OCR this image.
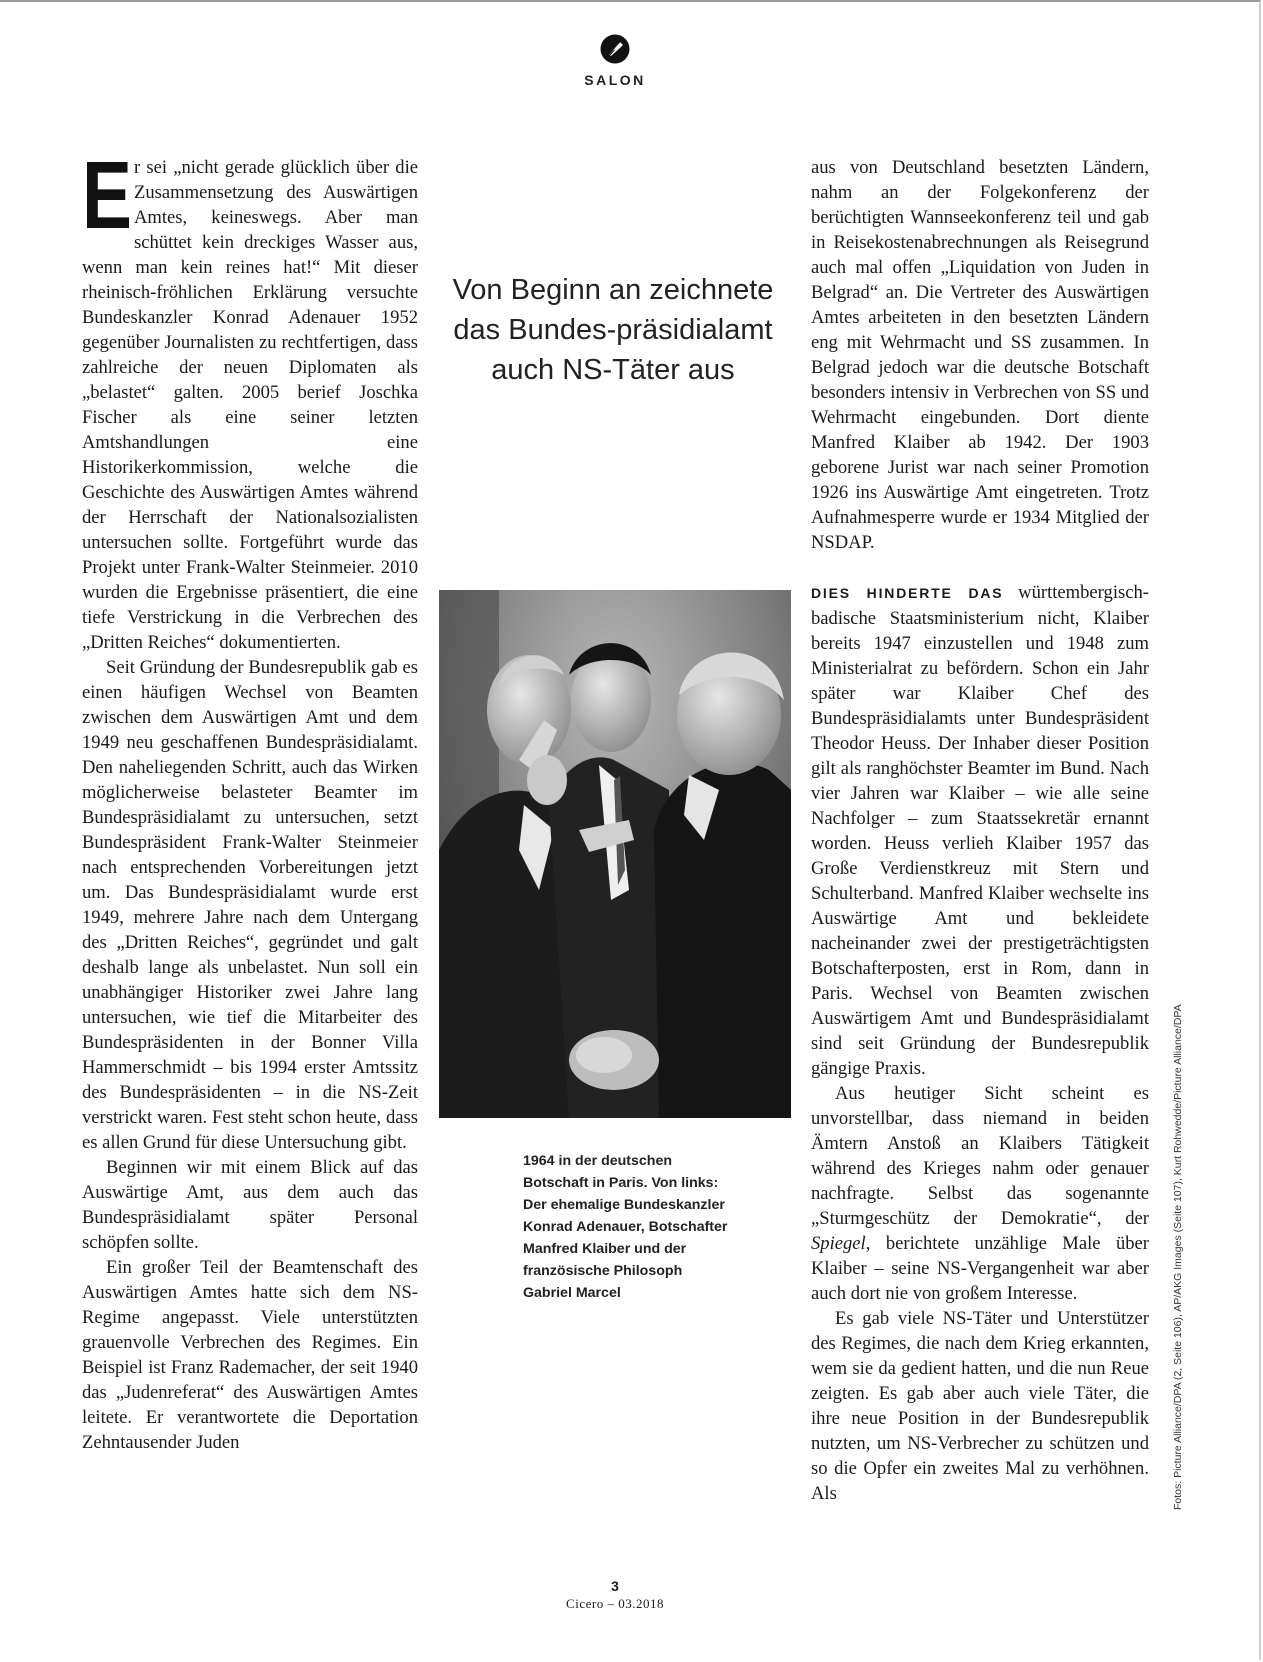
SALON

Er sei „nicht gerade glücklich über die Zusammensetzung des Auswärtigen Amtes, keineswegs. Aber man schüttet kein dreckiges Wasser aus, wenn man kein reines hat!“ Mit dieser rheinisch-fröhlichen Erklärung versuchte Bundeskanzler Konrad Adenauer 1952 gegenüber Journalisten zu rechtfertigen, dass zahlreiche der neuen Diplomaten als „belastet“ galten. 2005 berief Joschka Fischer als eine seiner letzten Amtshandlungen eine Historikerkommission, welche die Geschichte des Auswärtigen Amtes während der Herrschaft der Nationalsozialisten untersuchen sollte. Fortgeführt wurde das Projekt unter Frank-Walter Steinmeier. 2010 wurden die Ergebnisse präsentiert, die eine tiefe Verstrickung in die Verbrechen des „Dritten Reiches“ dokumentierten.

Seit Gründung der Bundesrepublik gab es einen häufigen Wechsel von Beamten zwischen dem Auswärtigen Amt und dem 1949 neu geschaffenen Bundespräsidialamt. Den naheliegenden Schritt, auch das Wirken möglicherweise belasteter Beamter im Bundespräsidialamt zu untersuchen, setzt Bundespräsident Frank-Walter Steinmeier nach entsprechenden Vorbereitungen jetzt um. Das Bundespräsidialamt wurde erst 1949, mehrere Jahre nach dem Untergang des „Dritten Reiches“, gegründet und galt deshalb lange als unbelastet. Nun soll ein unabhängiger Historiker zwei Jahre lang untersuchen, wie tief die Mitarbeiter des Bundespräsidenten in der Bonner Villa Hammerschmidt – bis 1994 erster Amtssitz des Bundespräsidenten – in die NS-Zeit verstrickt waren. Fest steht schon heute, dass es allen Grund für diese Untersuchung gibt.

Beginnen wir mit einem Blick auf das Auswärtige Amt, aus dem auch das Bundespräsidialamt später Personal schöpfen sollte.

Ein großer Teil der Beamtenschaft des Auswärtigen Amtes hatte sich dem NS-Regime angepasst. Viele unterstützten grauenvolle Verbrechen des Regimes. Ein Beispiel ist Franz Rademacher, der seit 1940 das „Judenreferat“ des Auswärtigen Amtes leitete. Er verantwortete die Deportation Zehntausender Juden

Von Beginn an zeichnete das Bundes-präsidialamt auch NS-Täter aus
1964 in der deutschen Botschaft in Paris. Von links: Der ehemalige Bundeskanzler Konrad Adenauer, Botschafter Manfred Klaiber und der französische Philosoph Gabriel Marcel

aus von Deutschland besetzten Ländern, nahm an der Folgekonferenz der berüchtigten Wannseekonferenz teil und gab in Reisekostenabrechnungen als Reisegrund auch mal offen „Liquidation von Juden in Belgrad“ an. Die Vertreter des Auswärtigen Amtes arbeiteten in den besetzten Ländern eng mit Wehrmacht und SS zusammen. In Belgrad jedoch war die deutsche Botschaft besonders intensiv in Verbrechen von SS und Wehrmacht eingebunden. Dort diente Manfred Klaiber ab 1942. Der 1903 geborene Jurist war nach seiner Promotion 1926 ins Auswärtige Amt eingetreten. Trotz Aufnahmesperre wurde er 1934 Mitglied der NSDAP.

DIES HINDERTE DAS württembergisch-badische Staatsministerium nicht, Klaiber bereits 1947 einzustellen und 1948 zum Ministerialrat zu befördern. Schon ein Jahr später war Klaiber Chef des Bundespräsidialamts unter Bundespräsident Theodor Heuss. Der Inhaber dieser Position gilt als ranghöchster Beamter im Bund. Nach vier Jahren war Klaiber – wie alle seine Nachfolger – zum Staatssekretär ernannt worden. Heuss verlieh Klaiber 1957 das Große Verdienstkreuz mit Stern und Schulterband. Manfred Klaiber wechselte ins Auswärtige Amt und bekleidete nacheinander zwei der prestigeträchtigsten Botschafterposten, erst in Rom, dann in Paris. Wechsel von Beamten zwischen Auswärtigem Amt und Bundespräsidialamt sind seit Gründung der Bundesrepublik gängige Praxis.

Aus heutiger Sicht scheint es unvorstellbar, dass niemand in beiden Ämtern Anstoß an Klaibers Tätigkeit während des Krieges nahm oder genauer nachfragte. Selbst das sogenannte „Sturmgeschütz der Demokratie“, der Spiegel, berichtete unzählige Male über Klaiber – seine NS-Vergangenheit war aber auch dort nie von großem Interesse.

Es gab viele NS-Täter und Unterstützer des Regimes, die nach dem Krieg erkannten, wem sie da gedient hatten, und die nun Reue zeigten. Es gab aber auch viele Täter, die ihre neue Position in der Bundesrepublik nutzten, um NS-Verbrecher zu schützen und so die Opfer ein zweites Mal zu verhöhnen. Als	Fotos: Picture Alliance/DPA (2, Seite 106), AP/AKG Images (Seite 107), Kurt Rohwedde/Picture Alliance/DPA
3
Cicero – 03.2018
